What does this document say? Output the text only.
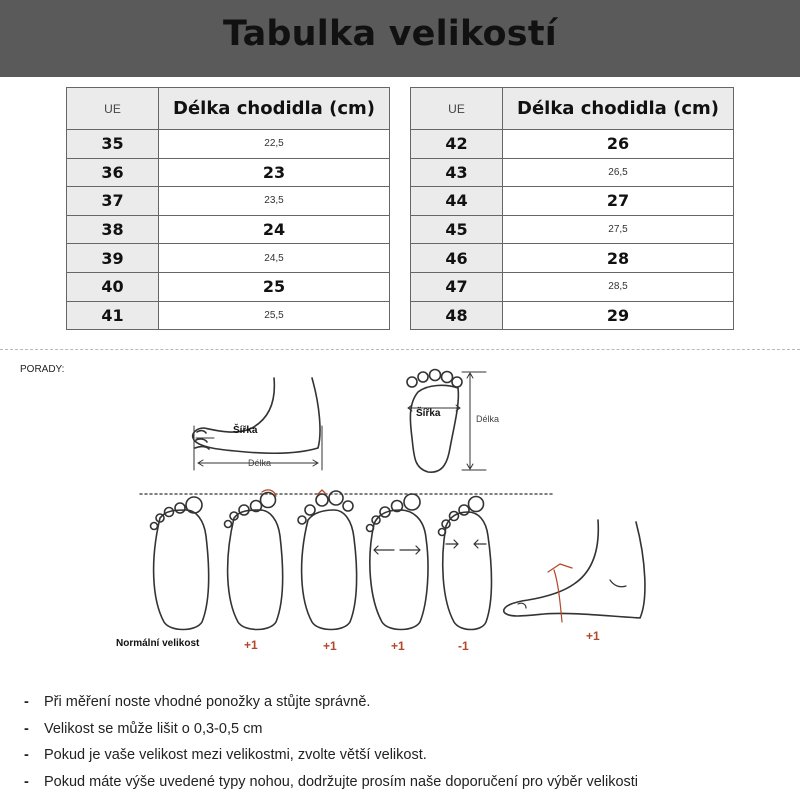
Tabulka velikostí
UE	Délka chodidla (cm)
35	22,5
36	23
37	23,5
38	24
39	24,5
40	25
41	25,5
UE	Délka chodidla (cm)
42	26
43	26,5
44	27
45	27,5
46	28
47	28,5
48	29
PORADY:
Šířka
Délka
Šířka	Délka
Normální velikost	+1	+1	+1	-1
+1
- Při měření noste vhodné ponožky a stůjte správně.
- Velikost se může lišit o 0,3-0,5 cm
- Pokud je vaše velikost mezi velikostmi, zvolte větší velikost.
- Pokud máte výše uvedené typy nohou, dodržujte prosím naše doporučení pro výběr velikosti
